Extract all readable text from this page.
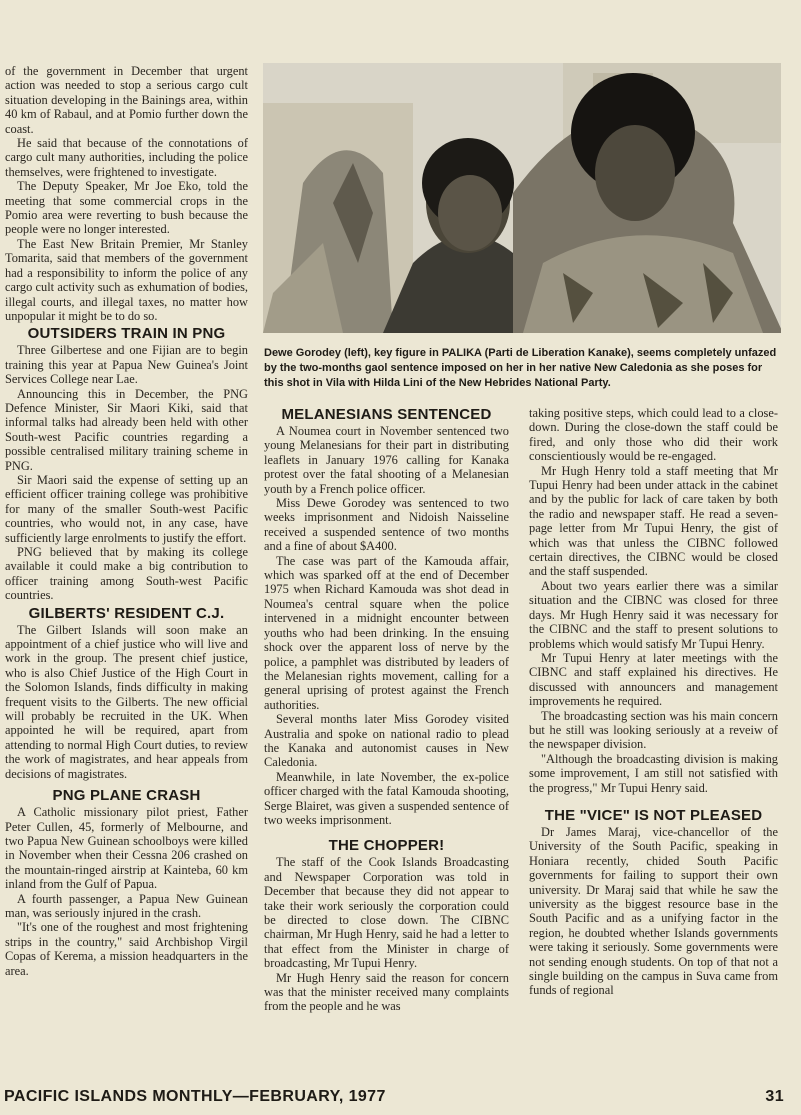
of the government in December that urgent action was needed to stop a serious cargo cult situation developing in the Bainings area, within 40 km of Rabaul, and at Pomio further down the coast.

He said that because of the connotations of cargo cult many authorities, including the police themselves, were frightened to investigate.

The Deputy Speaker, Mr Joe Eko, told the meeting that some commercial crops in the Pomio area were reverting to bush because the people were no longer interested.

The East New Britain Premier, Mr Stanley Tomarita, said that members of the government had a responsibility to inform the police of any cargo cult activity such as exhumation of bodies, illegal courts, and illegal taxes, no matter how unpopular it might be to do so.

OUTSIDERS TRAIN IN PNG

Three Gilbertese and one Fijian are to begin training this year at Papua New Guinea's Joint Services College near Lae.

Announcing this in December, the PNG Defence Minister, Sir Maori Kiki, said that informal talks had already been held with other South-west Pacific countries regarding a possible centralised military training scheme in PNG.

Sir Maori said the expense of setting up an efficient officer training college was prohibitive for many of the smaller South-west Pacific countries, who would not, in any case, have sufficiently large enrolments to justify the effort.

PNG believed that by making its college available it could make a big contribution to officer training among South-west Pacific countries.

GILBERTS' RESIDENT C.J.

The Gilbert Islands will soon make an appointment of a chief justice who will live and work in the group. The present chief justice, who is also Chief Justice of the High Court in the Solomon Islands, finds difficulty in making frequent visits to the Gilberts. The new official will probably be recruited in the UK. When appointed he will be required, apart from attending to normal High Court duties, to review the work of magistrates, and hear appeals from decisions of magistrates.

PNG PLANE CRASH

A Catholic missionary pilot priest, Father Peter Cullen, 45, formerly of Melbourne, and two Papua New Guinean schoolboys were killed in November when their Cessna 206 crashed on the mountain-ringed airstrip at Kainteba, 60 km inland from the Gulf of Papua.

A fourth passenger, a Papua New Guinean man, was seriously injured in the crash.

"It's one of the roughest and most frightening strips in the country," said Archbishop Virgil Copas of Kerema, a mission headquarters in the area.

Dewe Gorodey (left), key figure in PALIKA (Parti de Liberation Kanake), seems completely unfazed by the two-months gaol sentence imposed on her in her native New Caledonia as she poses for this shot in Vila with Hilda Lini of the New Hebrides National Party.
MELANESIANS SENTENCED

A Noumea court in November sentenced two young Melanesians for their part in distributing leaflets in January 1976 calling for Kanaka protest over the fatal shooting of a Melanesian youth by a French police officer.

Miss Dewe Gorodey was sentenced to two weeks imprisonment and Nidoish Naisseline received a suspended sentence of two months and a fine of about $A400.

The case was part of the Kamouda affair, which was sparked off at the end of December 1975 when Richard Kamouda was shot dead in Noumea's central square when the police intervened in a midnight encounter between youths who had been drinking. In the ensuing shock over the apparent loss of nerve by the police, a pamphlet was distributed by leaders of the Melanesian rights movement, calling for a general uprising of protest against the French authorities.

Several months later Miss Gorodey visited Australia and spoke on national radio to plead the Kanaka and autonomist causes in New Caledonia.

Meanwhile, in late November, the ex-police officer charged with the fatal Kamouda shooting, Serge Blairet, was given a suspended sentence of two weeks imprisonment.

THE CHOPPER!

The staff of the Cook Islands Broadcasting and Newspaper Corporation was told in December that because they did not appear to take their work seriously the corporation could be directed to close down. The CIBNC chairman, Mr Hugh Henry, said he had a letter to that effect from the Minister in charge of broadcasting, Mr Tupui Henry.

Mr Hugh Henry said the reason for concern was that the minister received many complaints from the people and he was

taking positive steps, which could lead to a close-down. During the close-down the staff could be fired, and only those who did their work conscientiously would be re-engaged.

Mr Hugh Henry told a staff meeting that Mr Tupui Henry had been under attack in the cabinet and by the public for lack of care taken by both the radio and newspaper staff. He read a seven-page letter from Mr Tupui Henry, the gist of which was that unless the CIBNC followed certain directives, the CIBNC would be closed and the staff suspended.

About two years earlier there was a similar situation and the CIBNC was closed for three days. Mr Hugh Henry said it was necessary for the CIBNC and the staff to present solutions to problems which would satisfy Mr Tupui Henry.

Mr Tupui Henry at later meetings with the CIBNC and staff explained his directives. He discussed with announcers and management improvements he required.

The broadcasting section was his main concern but he still was looking seriously at a reveiw of the newspaper division.

"Although the broadcasting division is making some improvement, I am still not satisfied with the progress," Mr Tupui Henry said.

THE "VICE" IS NOT PLEASED

Dr James Maraj, vice-chancellor of the University of the South Pacific, speaking in Honiara recently, chided South Pacific governments for failing to support their own university. Dr Maraj said that while he saw the university as the biggest resource base in the South Pacific and as a unifying factor in the region, he doubted whether Islands governments were taking it seriously. Some governments were not sending enough students. On top of that not a single building on the campus in Suva came from funds of regional

PACIFIC ISLANDS MONTHLY—FEBRUARY, 1977	31
